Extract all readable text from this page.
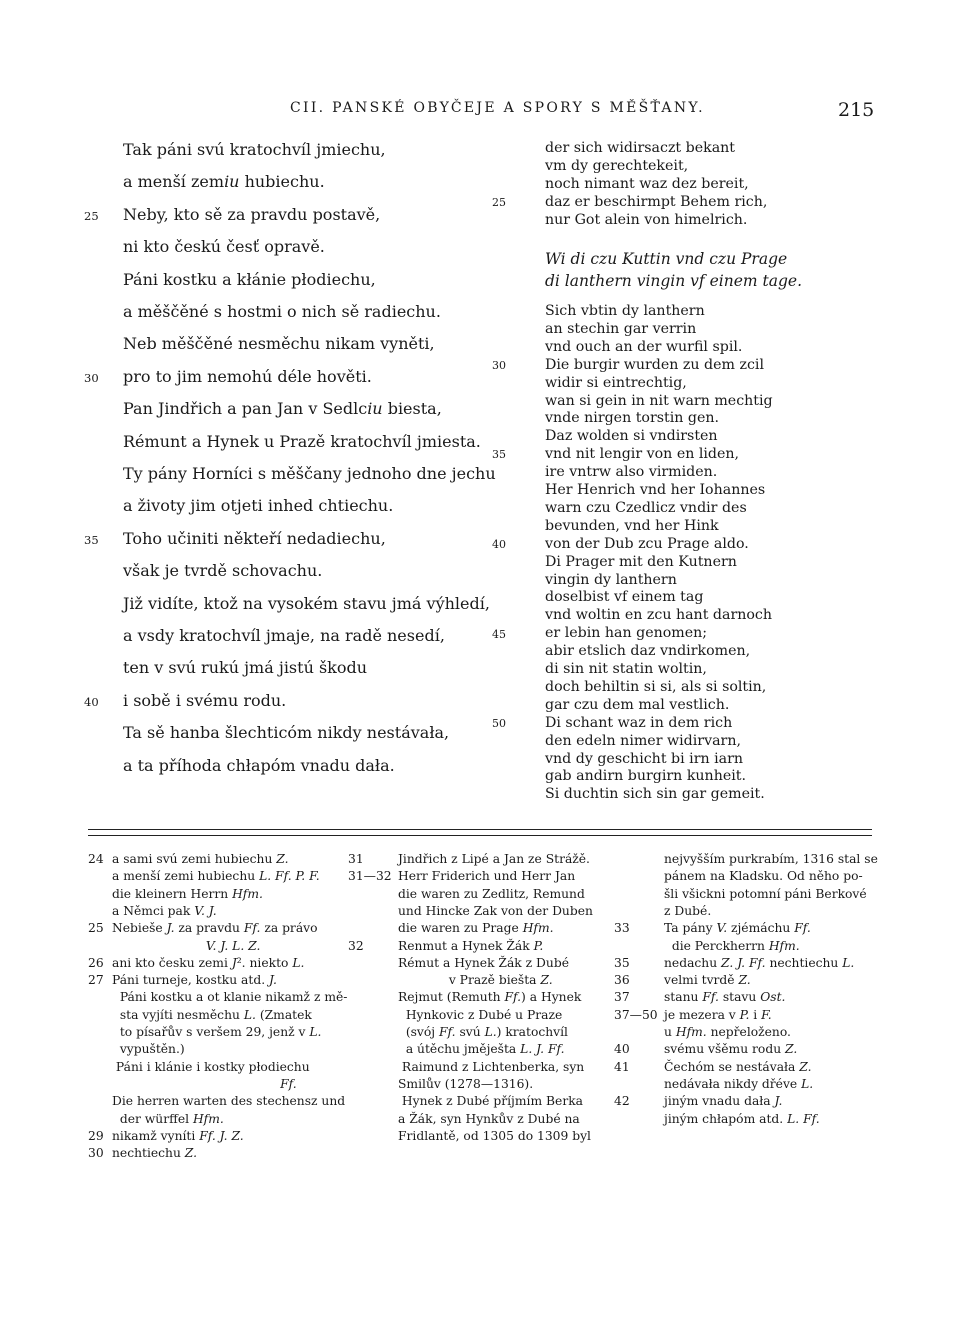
CII. PANSKÉ OBYČEJE A SPORY S MĚŠŤANY.	215
Tak páni svú kratochvíl jmiechu,
a menší zemiu hubiechu.
Neby, kto sě za pravdu postavě,
ni kto českú česť opravě.
Páni kostku a kłánie płodiechu,
a měščěné s hostmi o nich sě radiechu.
Neb měščěné nesměchu nikam vyněti,
pro to jim nemohú déle hověti.
Pan Jindřich a pan Jan v Sedlciu biesta,
Rémunt a Hynek u Prazě kratochvíl jmiesta.
Ty pány Horníci s měščany jednoho dne jechu
a životy jim otjeti inhed chtiechu.
Toho učiniti někteří nedadiechu,
však je tvrdě schovachu.
Již vidíte, ktož na vysokém stavu jmá výhledí,
a vsdy kratochvíl jmaje, na radě nesedí,
ten v svú rukú jmá jistú škodu
i sobě i svému rodu.
Ta sě hanba šlechticóm nikdy nestávała,
a ta příhoda chłapóm vnadu dała.
25
30
35
40
der sich widirsaczt bekant
vm dy gerechtekeit,
noch nimant waz dez bereit,
daz er beschirmpt Behem rich,
nur Got alein von himelrich.
Wi di czu Kuttin vnd czu Prage
di lanthern vingin vf einem tage.
Sich vbtin dy lanthern
an stechin gar verrin
vnd ouch an der wurfil spil.
Die burgir wurden zu dem zcil
widir si eintrechtig,
wan si gein in nit warn mechtig
vnde nirgen torstin gen.
Daz wolden si vndirsten
vnd nit lengir von en liden,
ire vntrw also virmiden.
Her Henrich vnd her Iohannes
warn czu Czedlicz vndir des
bevunden, vnd her Hink
von der Dub zcu Prage aldo.
Di Prager mit den Kutnern
vingin dy lanthern
doselbist vf einem tag
vnd woltin en zcu hant darnoch
er lebin han genomen;
abir etslich daz vndirkomen,
di sin nit statin woltin,
doch behiltin si si, als si soltin,
gar czu dem mal vestlich.
Di schant waz in dem rich
den edeln nimer widirvarn,
vnd dy geschicht bi irn iarn
gab andirn burgirn kunheit.
Si duchtin sich sin gar gemeit.
25
30
35
40
45
50
24 a sami svú zemi hubiechu Z.
a menší zemi hubiechu L. Ff. P. F.
die kleinern Herrn Hfm.
a Němci pak V. J.
25 Nebieše J. za pravdu Ff. za právo
V. J. L. Z.
26 ani kto česku zemi J². niekto L.
27 Páni turneje, kostku atd. J.
Páni kostku a ot klanie nikamž z mě-
sta vyjíti nesměchu L. (Zmatek
to písařův s veršem 29, jenž v L.
vypuštěn.)
Páni i klánie i kostky płodiechu
Ff.
Die herren warten des stechensz und
der würffel Hfm.
29 nikamž vyníti Ff. J. Z.
30 nechtiechu Z.
31	Jindřich z Lipé a Jan ze Strážě.
31—32 Herr Friderich und Herr Jan
die waren zu Zedlitz, Remund
und Hincke Zak von der Duben
die waren zu Prage Hfm.
32	Renmut a Hynek Žák P.
Rémut a Hynek Žák z Dubé
v Prazě biešta Z.
Rejmut (Remuth Ff.) a Hynek
Hynkovic z Dubé u Praze
(svój Ff. svú L.) kratochvíl
a útěchu jměješta L. J. Ff.
Raimund z Lichtenberka, syn
Smilův (1278—1316).
Hynek z Dubé příjmím Berka
a Žák, syn Hynkův z Dubé na
Fridlantě, od 1305 do 1309 byl
nejvyšším purkrabím, 1316 stal se
pánem na Kladsku. Od něho po-
šli všickni potomní páni Berkové
z Dubé.
33	Ta pány V. zjémáchu Ff.
die Perckherrn Hfm.
35	nedachu Z. J. Ff. nechtiechu L.
36	velmi tvrdě Z.
37	stanu Ff. stavu Ost.
37—50 je mezera v P. i F.
u Hfm. nepřeloženo.
40	svému všěmu rodu Z.
41	Čechóm se nestávała Z.
nedávała nikdy dřéve L.
42	jiným vnadu dała J.
jiným chłapóm atd. L. Ff.
